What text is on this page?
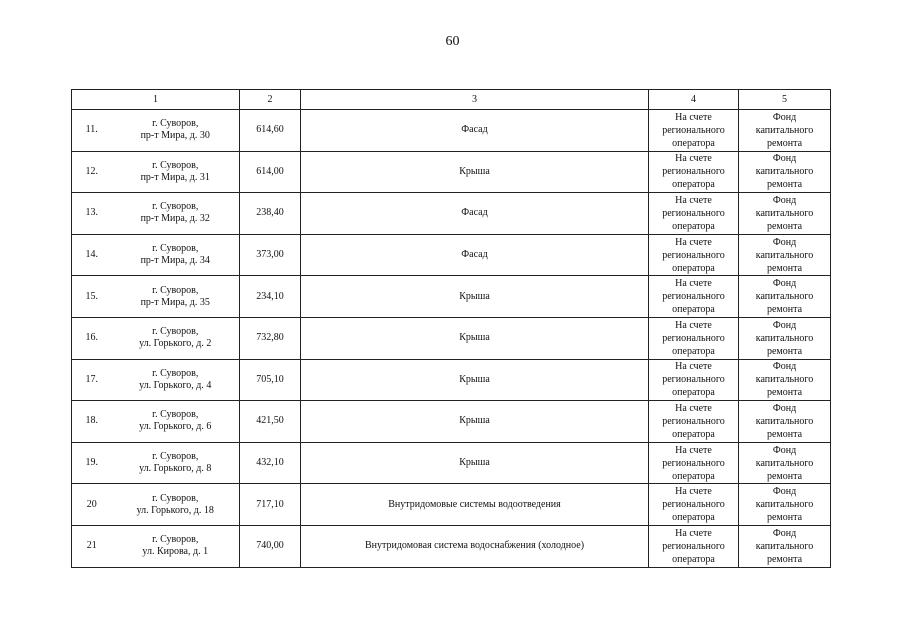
60
1		2	3	4	5
11.	г. Суворов,
пр-т Мира, д. 30	614,60	Фасад	На счете
регионального
оператора	Фонд
капитального
ремонта

12.	г. Суворов,
пр-т Мира, д. 31	614,00	Крыша	На счете
регионального
оператора	Фонд
капитального
ремонта

13.	г. Суворов,
пр-т Мира, д. 32	238,40	Фасад	На счете
регионального
оператора	Фонд
капитального
ремонта

14.	г. Суворов,
пр-т Мира, д. 34	373,00	Фасад	На счете
регионального
оператора	Фонд
капитального
ремонта

15.	г. Суворов,
пр-т Мира, д. 35	234,10	Крыша	На счете
регионального
оператора	Фонд
капитального
ремонта

16.	г. Суворов,
ул. Горького, д. 2	732,80	Крыша	На счете
регионального
оператора	Фонд
капитального
ремонта

17.	г. Суворов,
ул. Горького, д. 4	705,10	Крыша	На счете
регионального
оператора	Фонд
капитального
ремонта

18.	г. Суворов,
ул. Горького, д. 6	421,50	Крыша	На счете
регионального
оператора	Фонд
капитального
ремонта

19.	г. Суворов,
ул. Горького, д. 8	432,10	Крыша	На счете
регионального
оператора	Фонд
капитального
ремонта

20	г. Суворов,
ул. Горького, д. 18	717,10	Внутридомовые системы водоотведения	На счете
регионального
оператора	Фонд
капитального
ремонта

21	г. Суворов,
ул. Кирова, д. 1	740,00	Внутридомовая система водоснабжения (холодное)	На счете
регионального
оператора	Фонд
капитального
ремонта
